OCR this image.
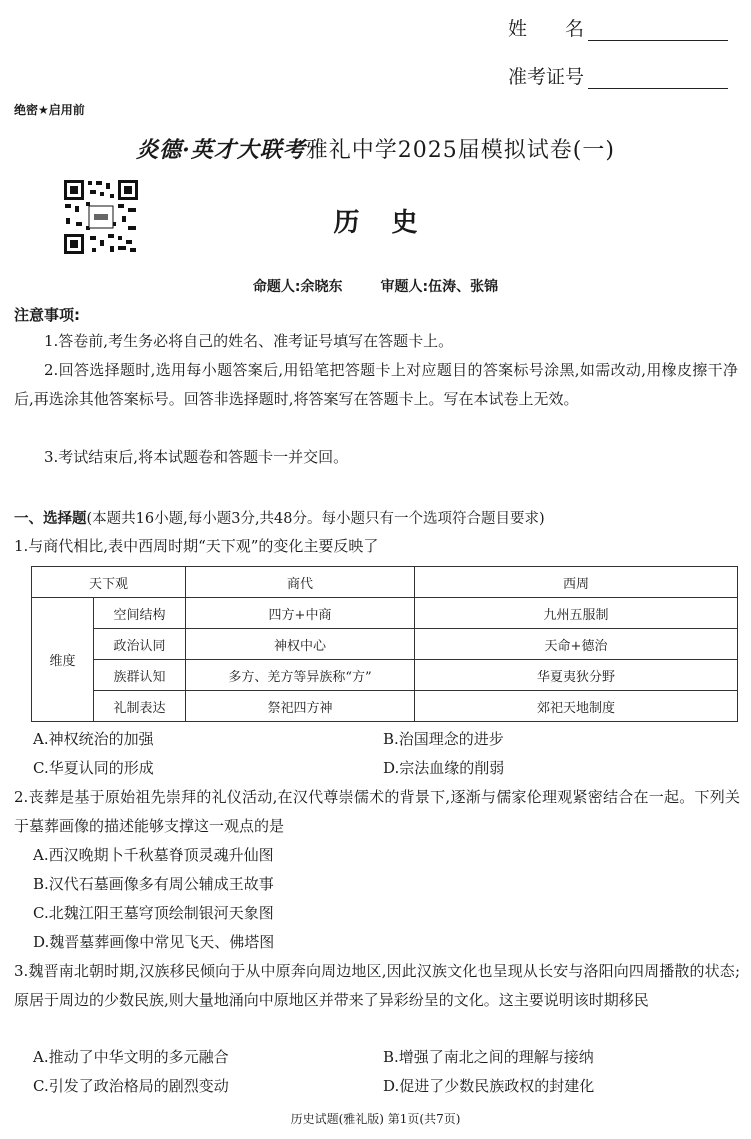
姓　　名
准考证号
绝密★启用前
炎德·英才大联考雅礼中学2025届模拟试卷(一)
历史
命题人:余晓东	审题人:伍涛、张锦
注意事项:
1.答卷前,考生务必将自己的姓名、准考证号填写在答题卡上。
2.回答选择题时,选用每小题答案后,用铅笔把答题卡上对应题目的答案标号涂黑,如需改动,用橡皮擦干净后,再选涂其他答案标号。回答非选择题时,将答案写在答题卡上。写在本试卷上无效。
3.考试结束后,将本试题卷和答题卡一并交回。
一、选择题(本题共16小题,每小题3分,共48分。每小题只有一个选项符合题目要求)
1.与商代相比,表中西周时期“天下观”的变化主要反映了
天下观		商代	西周
维度	空间结构	四方+中商	九州五服制
	政治认同	神权中心	天命+德治
	族群认知	多方、羌方等异族称“方”	华夏夷狄分野
	礼制表达	祭祀四方神	郊祀天地制度
A.神权统治的加强	B.治国理念的进步
C.华夏认同的形成	D.宗法血缘的削弱
2.丧葬是基于原始祖先崇拜的礼仪活动,在汉代尊崇儒术的背景下,逐渐与儒家伦理观紧密结合在一起。下列关于墓葬画像的描述能够支撑这一观点的是
A.西汉晚期卜千秋墓脊顶灵魂升仙图
B.汉代石墓画像多有周公辅成王故事
C.北魏江阳王墓穹顶绘制银河天象图
D.魏晋墓葬画像中常见飞天、佛塔图
3.魏晋南北朝时期,汉族移民倾向于从中原奔向周边地区,因此汉族文化也呈现从长安与洛阳向四周播散的状态;原居于周边的少数民族,则大量地涌向中原地区并带来了异彩纷呈的文化。这主要说明该时期移民
A.推动了中华文明的多元融合	B.增强了南北之间的理解与接纳
C.引发了政治格局的剧烈变动	D.促进了少数民族政权的封建化
历史试题(雅礼版) 第1页(共7页)
